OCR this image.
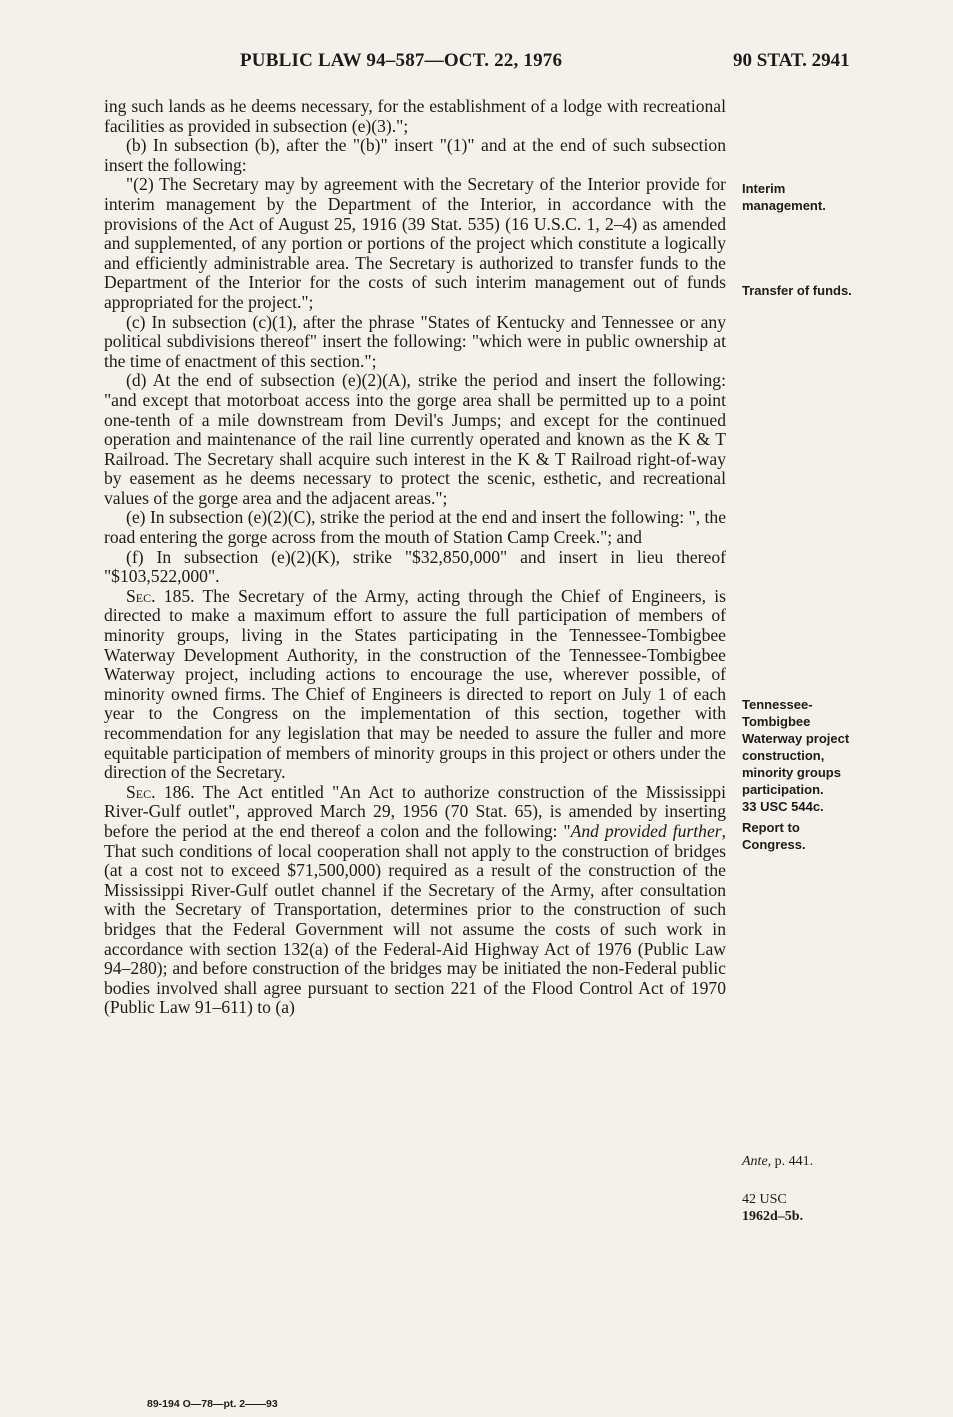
PUBLIC LAW 94–587—OCT. 22, 1976	90 STAT. 2941

ing such lands as he deems necessary, for the establishment of a lodge with recreational facilities as provided in subsection (e)(3).";

(b) In subsection (b), after the "(b)" insert "(1)" and at the end of such subsection insert the following:

"(2) The Secretary may by agreement with the Secretary of the Interior provide for interim management by the Department of the Interior, in accordance with the provisions of the Act of August 25, 1916 (39 Stat. 535) (16 U.S.C. 1, 2–4) as amended and supplemented, of any portion or portions of the project which constitute a logically and efficiently administrable area. The Secretary is authorized to transfer funds to the Department of the Interior for the costs of such interim management out of funds appropriated for the project.";

(c) In subsection (c)(1), after the phrase "States of Kentucky and Tennessee or any political subdivisions thereof" insert the following: "which were in public ownership at the time of enactment of this section.";

(d) At the end of subsection (e)(2)(A), strike the period and insert the following: "and except that motorboat access into the gorge area shall be permitted up to a point one-tenth of a mile downstream from Devil's Jumps; and except for the continued operation and maintenance of the rail line currently operated and known as the K & T Railroad. The Secretary shall acquire such interest in the K & T Railroad right-of-way by easement as he deems necessary to protect the scenic, esthetic, and recreational values of the gorge area and the adjacent areas.";

(e) In subsection (e)(2)(C), strike the period at the end and insert the following: ", the road entering the gorge across from the mouth of Station Camp Creek."; and

(f) In subsection (e)(2)(K), strike "$32,850,000" and insert in lieu thereof "$103,522,000".

Sec. 185. The Secretary of the Army, acting through the Chief of Engineers, is directed to make a maximum effort to assure the full participation of members of minority groups, living in the States participating in the Tennessee-Tombigbee Waterway Development Authority, in the construction of the Tennessee-Tombigbee Waterway project, including actions to encourage the use, wherever possible, of minority owned firms. The Chief of Engineers is directed to report on July 1 of each year to the Congress on the implementation of this section, together with recommendation for any legislation that may be needed to assure the fuller and more equitable participation of members of minority groups in this project or others under the direction of the Secretary.

Sec. 186. The Act entitled "An Act to authorize construction of the Mississippi River-Gulf outlet", approved March 29, 1956 (70 Stat. 65), is amended by inserting before the period at the end thereof a colon and the following: "And provided further, That such conditions of local cooperation shall not apply to the construction of bridges (at a cost not to exceed $71,500,000) required as a result of the construction of the Mississippi River-Gulf outlet channel if the Secretary of the Army, after consultation with the Secretary of Transportation, determines prior to the construction of such bridges that the Federal Government will not assume the costs of such work in accordance with section 132(a) of the Federal-Aid Highway Act of 1976 (Public Law 94–280); and before construction of the bridges may be initiated the non-Federal public bodies involved shall agree pursuant to section 221 of the Flood Control Act of 1970 (Public Law 91–611) to (a)

Interim
management.
Transfer of funds.
Tennessee-
Tombigbee
Waterway project
construction,
minority groups
participation.
33 USC 544c.
Report to
Congress.
Ante, p. 441.
42 USC
1962d–5b.
89-194 O—78—pt. 2——93
